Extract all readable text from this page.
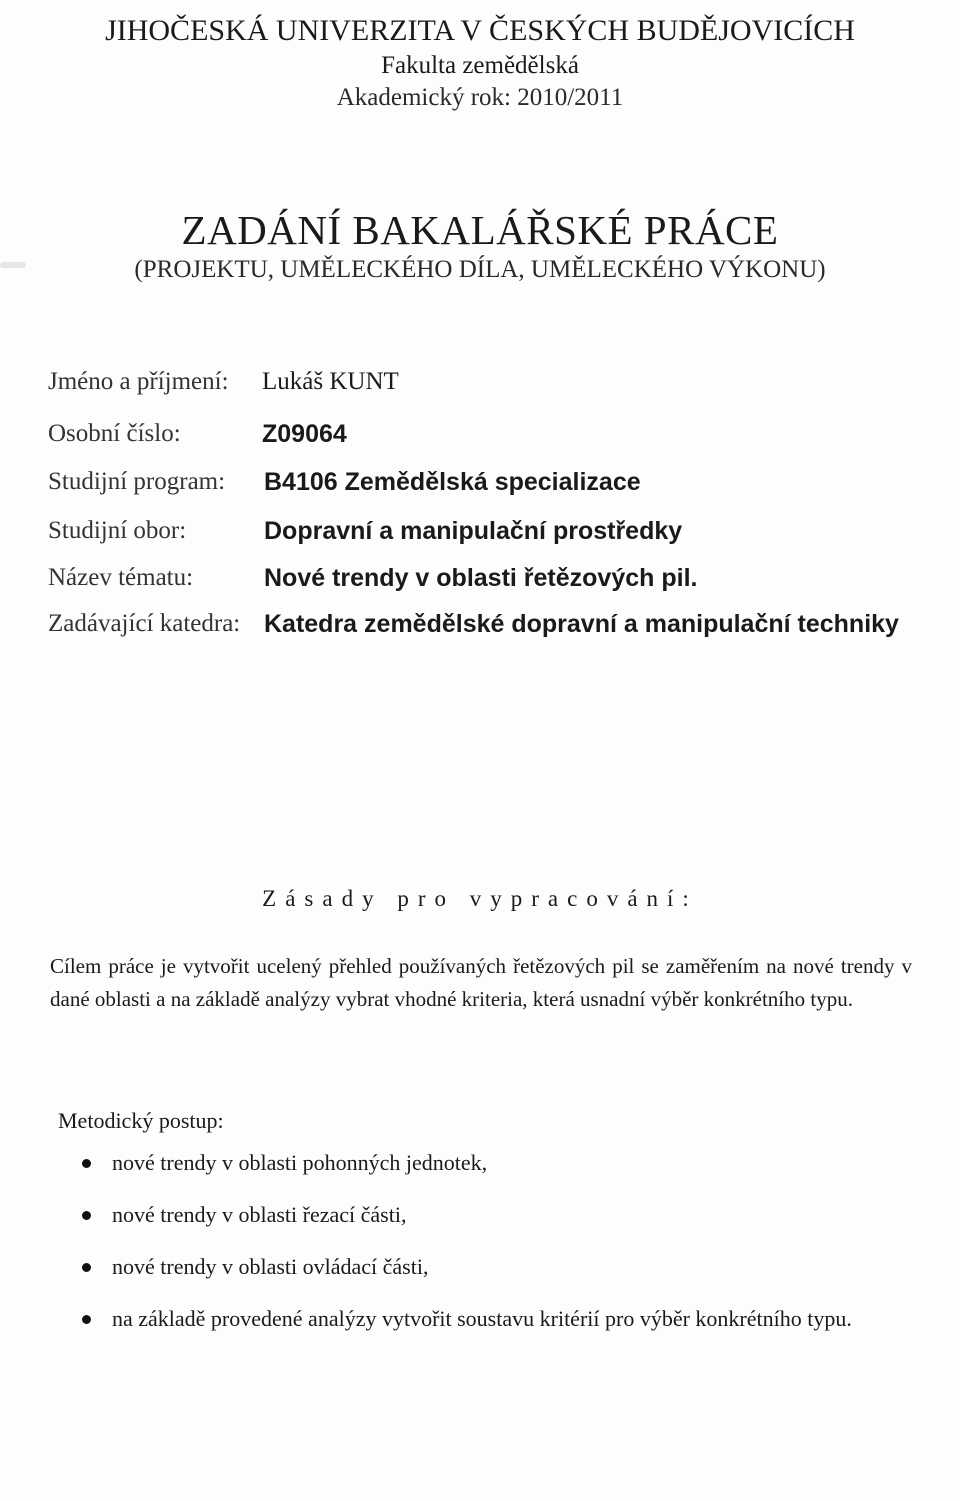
JIHOČESKÁ UNIVERZITA V ČESKÝCH BUDĚJOVICÍCH
Fakulta zemědělská
Akademický rok: 2010/2011
ZADÁNÍ BAKALÁŘSKÉ PRÁCE
(PROJEKTU, UMĚLECKÉHO DÍLA, UMĚLECKÉHO VÝKONU)
Jméno a příjmení: Lukáš KUNT
Osobní číslo:	Z09064
Studijní program: B4106 Zemědělská specializace
Studijní obor:	Dopravní a manipulační prostředky
Název tématu:	Nové trendy v oblasti řetězových pil.
Zadávající katedra: Katedra zemědělské dopravní a manipulační techniky
Zásady pro vypracování:
Cílem práce je vytvořit ucelený přehled používaných řetězových pil se zaměřením na nové trendy v dané oblasti a na základě analýzy vybrat vhodné kriteria, která usnadní výběr konkrétního typu.
Metodický postup:
nové trendy v oblasti pohonných jednotek,
nové trendy v oblasti řezací části,
nové trendy v oblasti ovládací části,
na základě provedené analýzy vytvořit soustavu kritérií pro výběr konkrétního typu.
